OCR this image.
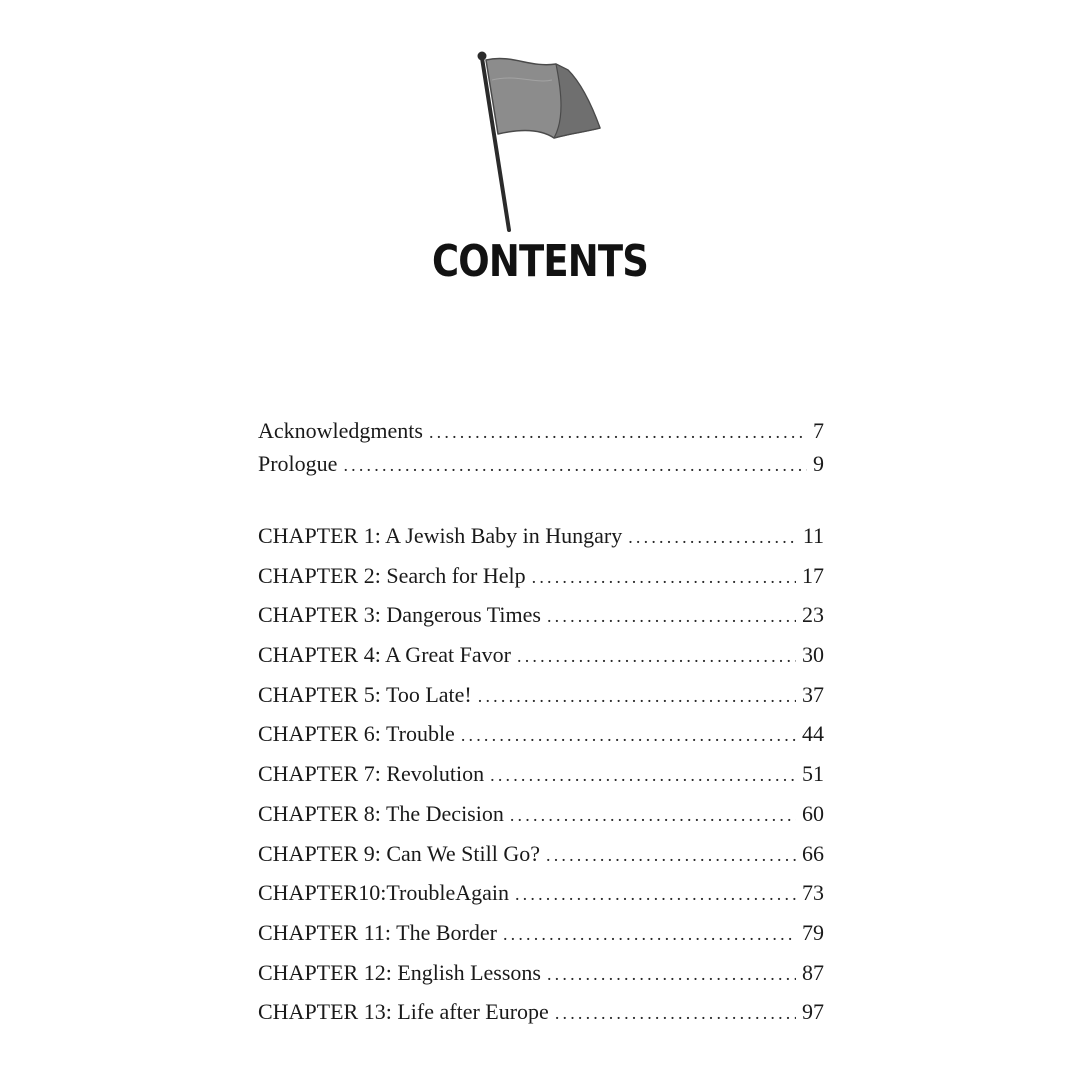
CONTENTS
Acknowledgments .....	7
Prologue .....	9
CHAPTER 1: A Jewish Baby in Hungary .....	11
CHAPTER 2: Search for Help .....	17
CHAPTER 3: Dangerous Times .....	23
CHAPTER 4: A Great Favor .....	30
CHAPTER 5: Too Late! .....	37
CHAPTER 6: Trouble .....	44
CHAPTER 7: Revolution .....	51
CHAPTER 8: The Decision .....	60
CHAPTER 9: Can We Still Go? .....	66
CHAPTER10:TroubleAgain .....	73
CHAPTER 11: The Border .....	79
CHAPTER 12: English Lessons .....	87
CHAPTER 13: Life after Europe .....	97
